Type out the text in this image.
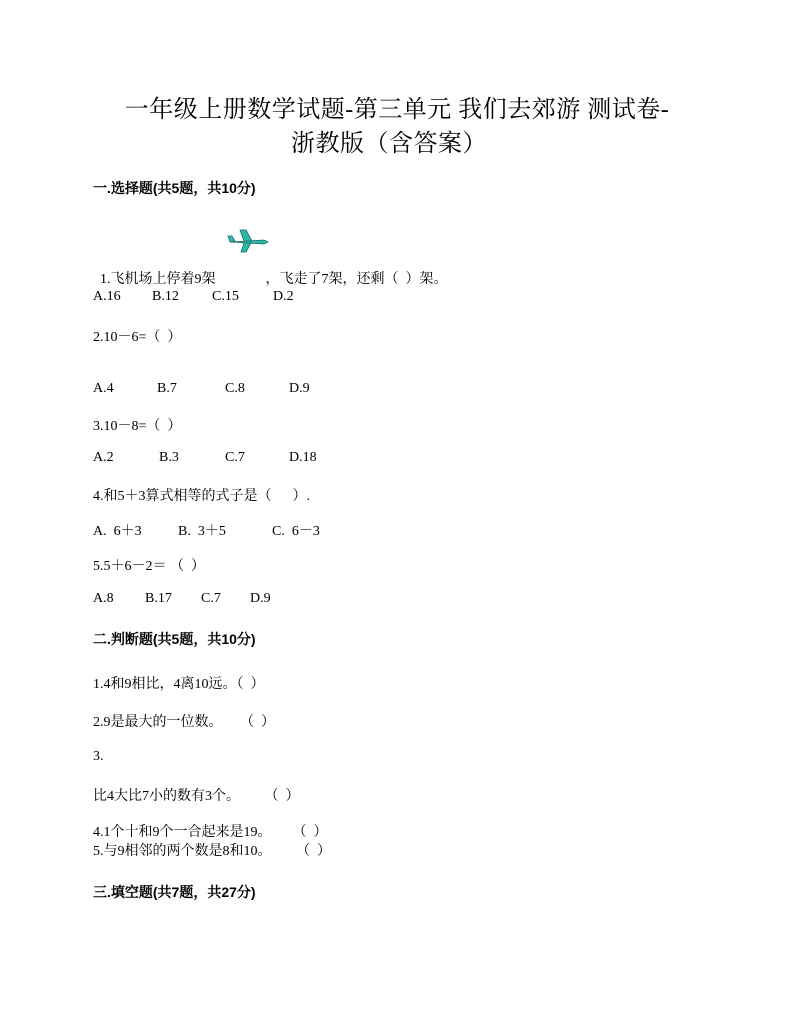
一年级上册数学试题-第三单元 我们去郊游 测试卷-
浙教版（含答案）
一.选择题(共5题，共10分)

1.飞机场上停着9架	，飞走了7架，还剩（  ）架。

A.16 B.12 C.15 D.2
2.10－6=（  ）
A.4	B.7	C.8	D.9
3.10－8=（  ）
A.2	B.3	C.7	D.18
4.和5＋3算式相等的式子是（      ）.
A.  6＋3	B.  3＋5	C.  6－3
5.5＋6－2＝ （  ）
A.8 B.17 C.7 D.9
二.判断题(共5题，共10分)
1.4和9相比，4离10远。（  ）
2.9是最大的一位数。     （  ）
3.
比4大比7小的数有3个。       （  ）
4.1个十和9个一合起来是19。      （  ）
5.与9相邻的两个数是8和10。       （  ）
三.填空题(共7题，共27分)
